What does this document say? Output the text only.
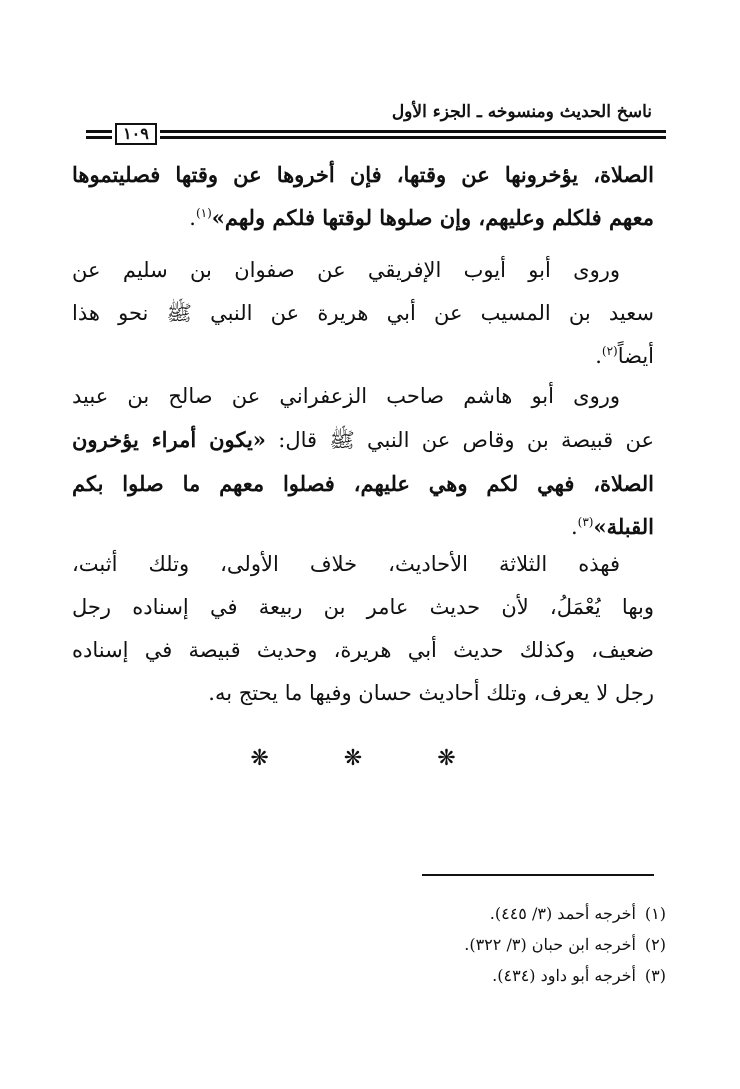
ناسخ الحديث ومنسوخه ـ الجزء الأول
١٠٩

الصلاة، يؤخرونها عن وقتها، فإن أخروها عن وقتها فصليتموها
معهم فلكلم وعليهم، وإن صلوها لوقتها فلكم ولهم»$^{(١)}$.

وروى أبو أيوب الإفريقي عن صفوان بن سليم عن
سعيد بن المسيب عن أبي هريرة عن النبي ﷺ نحو هذا
أيضاً$^{(٢)}$.

وروى أبو هاشم صاحب الزعفراني عن صالح بن عبيد
عن قبيصة بن وقاص عن النبي ﷺ قال: «يكون أمراء يؤخرون
الصلاة، فهي لكم وهي عليهم، فصلوا معهم ما صلوا بكم
القبلة»$^{(٣)}$.

فهذه الثلاثة الأحاديث، خلاف الأولى، وتلك أثبت،
وبها يُعْمَلُ، لأن حديث عامر بن ربيعة في إسناده رجل
ضعيف، وكذلك حديث أبي هريرة، وحديث قبيصة في إسناده
رجل لا يعرف، وتلك أحاديث حسان وفيها ما يحتج به.

❋ ❋ ❋
(١)أخرجه أحمد (٣/ ٤٤٥).
(٢)أخرجه ابن حبان (٣/ ٣٢٢).
(٣)أخرجه أبو داود (٤٣٤).
